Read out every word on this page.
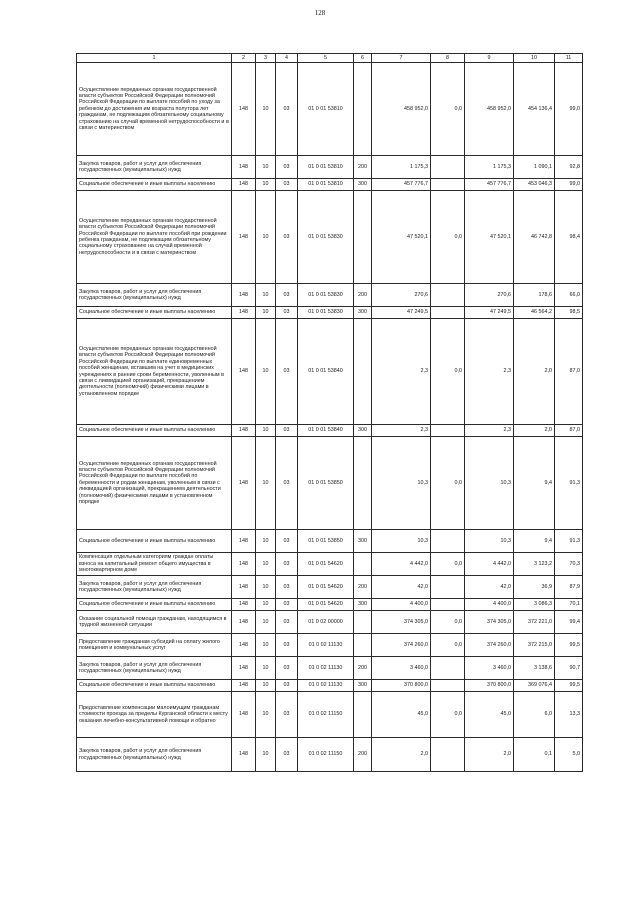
128
1	2	3	4	5	6	7	8	9	10	11
Осуществление переданных органам государственной власти субъектов Российской Федерации полномочий Российской Федерации по выплате пособий по уходу за ребенком до достижения им возраста полутора лет гражданам, не подлежащим обязательному социальному страхованию на случай временной нетрудоспособности и в связи с материнством	148	10	03	01 0 01 53810		458 952,0	0,0	458 952,0	454 136,4	99,0
Закупка товаров, работ и услуг для обеспечения государственных (муниципальных) нужд	148	10	03	01 0 01 53810	200	1 175,3		1 175,3	1 090,1	92,8
Социальное обеспечение и иные выплаты населению	148	10	03	01 0 01 53810	300	457 776,7		457 776,7	453 046,3	99,0
Осуществление переданных органам государственной власти субъектов Российской Федерации полномочий Российской Федерации по выплате пособий при рождении ребенка гражданам, не подлежащим обязательному социальному страхованию на случай временной нетрудоспособности и в связи с материнством	148	10	03	01 0 01 53830		47 520,1	0,0	47 520,1	46 742,8	98,4
Закупка товаров, работ и услуг для обеспечения государственных (муниципальных) нужд	148	10	03	01 0 01 53830	200	270,6		270,6	178,6	66,0
Социальное обеспечение и иные выплаты населению	148	10	03	01 0 01 53830	300	47 249,5		47 249,5	46 564,2	98,5
Осуществление переданных органам государственной власти субъектов Российской Федерации полномочий Российской Федерации по выплате единовременных пособий женщинам, вставшим на учет в медицинских учреждениях в ранние сроки беременности, уволенным в связи с ликвидацией организаций, прекращением деятельности (полномочий) физическими лицами в установленном порядке	148	10	03	01 0 01 53840		2,3	0,0	2,3	2,0	87,0
Социальное обеспечение и иные выплаты населению	148	10	03	01 0 01 53840	300	2,3		2,3	2,0	87,0
Осуществление переданных органам государственной власти субъектов Российской Федерации полномочий Российской Федерации по выплате пособий по беременности и родам женщинам, уволенным в связи с ликвидацией организаций, прекращением деятельности (полномочий) физическими лицами в установленном порядке	148	10	03	01 0 01 53850		10,3	0,0	10,3	9,4	91,3
Социальное обеспечение и иные выплаты населению	148	10	03	01 0 01 53850	300	10,3		10,3	9,4	91,3
Компенсация отдельным категориям граждан оплаты взноса на капитальный ремонт общего имущества в многоквартирном доме	148	10	03	01 0 01 54620		4 442,0	0,0	4 442,0	3 123,2	70,3
Закупка товаров, работ и услуг для обеспечения государственных (муниципальных) нужд	148	10	03	01 0 01 54620	200	42,0		42,0	36,9	87,9
Социальное обеспечение и иные выплаты населению	148	10	03	01 0 01 54620	300	4 400,0		4 400,0	3 086,3	70,1
Оказание социальной помощи гражданам, находящимся в трудной жизненной ситуации	148	10	03	01 0 02 00000		374 305,0	0,0	374 305,0	372 221,0	99,4
Предоставление гражданам субсидий на оплату жилого помещения и коммунальных услуг	148	10	03	01 0 02 11130		374 260,0	0,0	374 260,0	372 215,0	99,5
Закупка товаров, работ и услуг для обеспечения государственных (муниципальных) нужд	148	10	03	01 0 02 11130	200	3 460,0		3 460,0	3 138,6	90,7
Социальное обеспечение и иные выплаты населению	148	10	03	01 0 02 11130	300	370 800,0		370 800,0	369 076,4	99,5
Предоставление компенсации малоимущим гражданам стоимости проезда за пределы Курганской области к месту оказания лечебно-консультативной помощи и обратно	148	10	03	01 0 02 11150		45,0	0,0	45,0	6,0	13,3
Закупка товаров, работ и услуг для обеспечения государственных (муниципальных) нужд	148	10	03	01 0 02 11150	200	2,0		2,0	0,1	5,0
